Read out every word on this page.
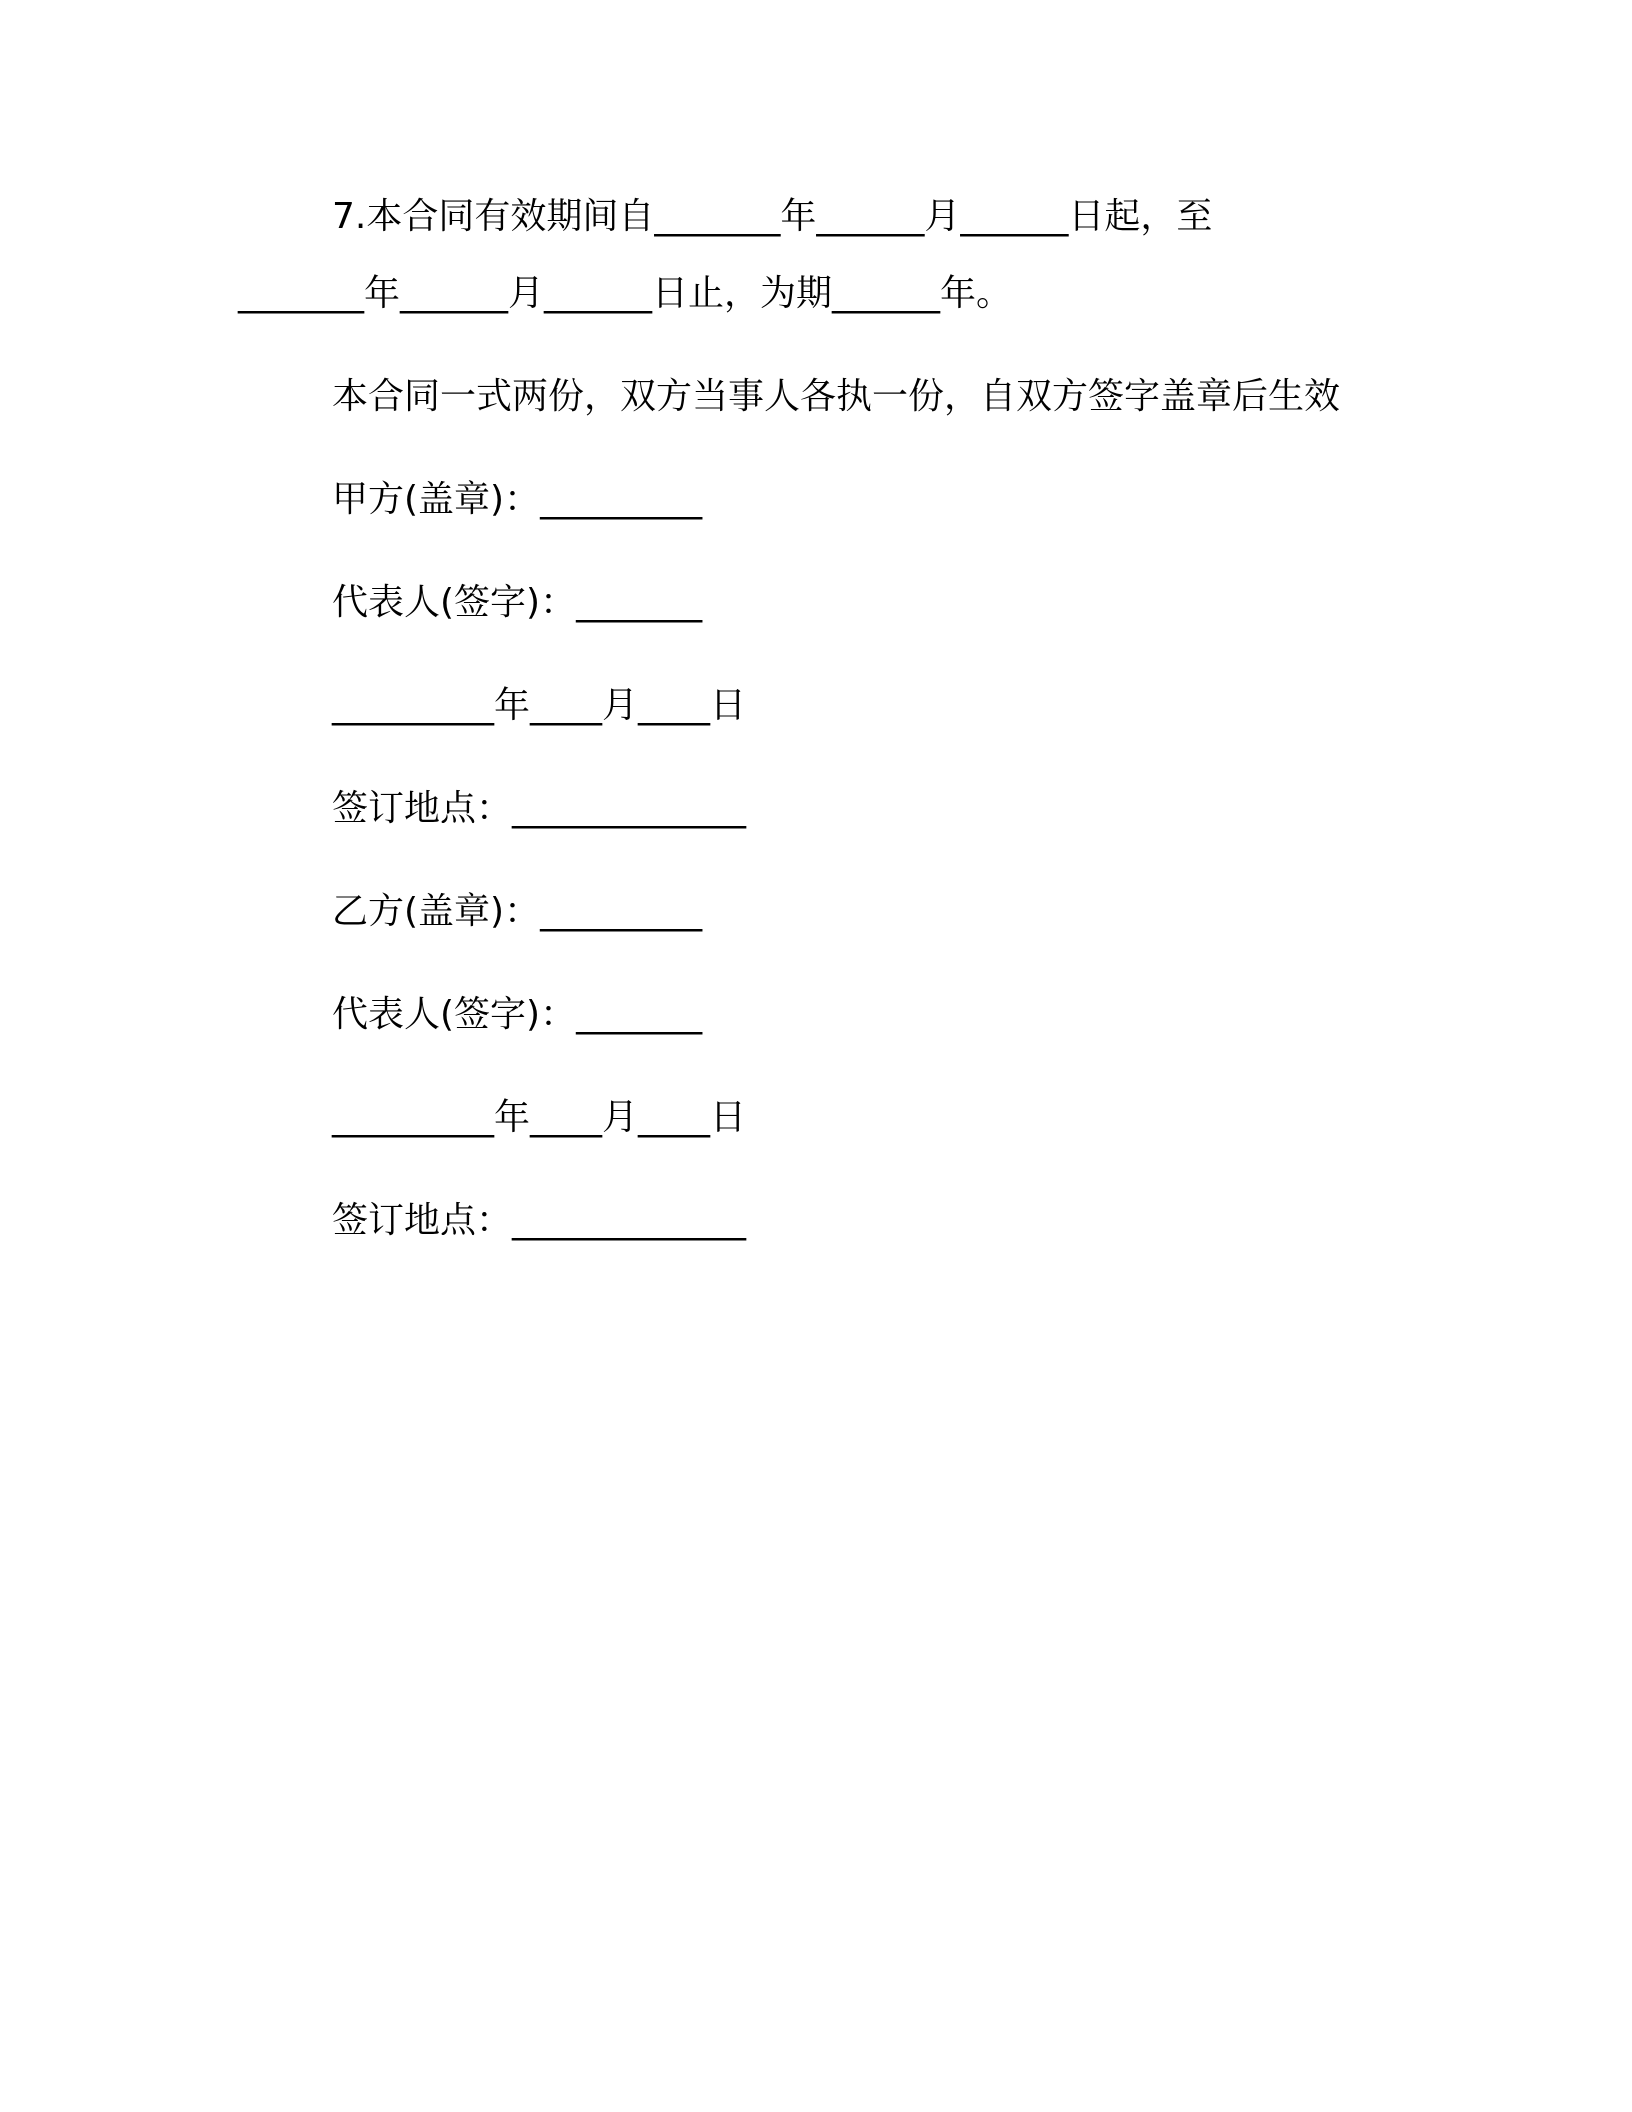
7.本合同有效期间自_______年______月______日起，至
_______年______月______日止，为期______年。
本合同一式两份，双方当事人各执一份，自双方签字盖章后生效
甲方(盖章)：_________
代表人(签字)：_______
_________年____月____日
签订地点：_____________
乙方(盖章)：_________
代表人(签字)：_______
_________年____月____日
签订地点：_____________
